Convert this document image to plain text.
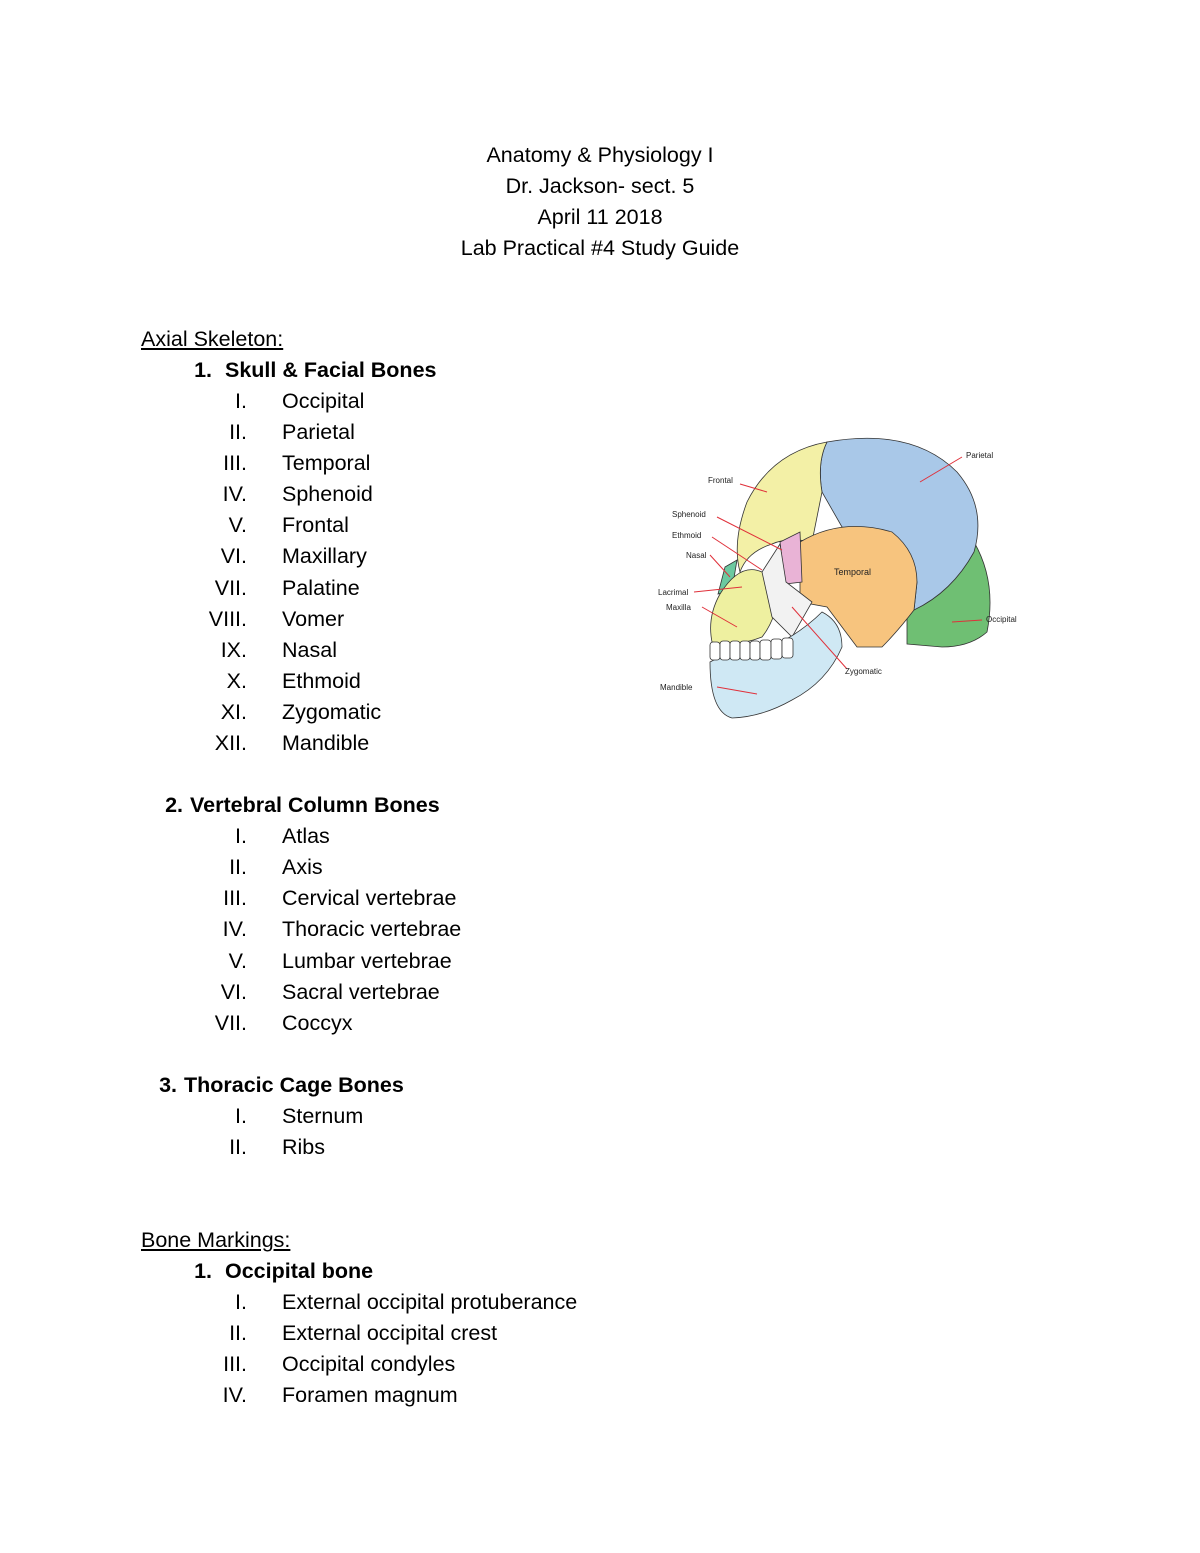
Anatomy & Physiology I
Dr. Jackson- sect. 5
April 11 2018
Lab Practical #4 Study Guide
Axial Skeleton:
1. Skull & Facial Bones
I.	Occipital
II.	Parietal
III.	Temporal
IV.	Sphenoid
V.	Frontal
VI.	Maxillary
VII.	Palatine
VIII.	Vomer
IX.	Nasal
X.	Ethmoid
XI.	Zygomatic
XII.	Mandible
2. Vertebral Column Bones
I.	Atlas
II.	Axis
III.	Cervical vertebrae
IV.	Thoracic vertebrae
V.	Lumbar vertebrae
VI.	Sacral vertebrae
VII.	Coccyx
3. Thoracic Cage Bones
I.	Sternum
II.	Ribs
Bone Markings:
1. Occipital bone
I.	External occipital protuberance
II.	External occipital crest
III.	Occipital condyles
IV.	Foramen magnum
Parietal
Frontal
Sphenoid
Ethmoid
Nasal
Lacrimal
Maxilla
Mandible
Temporal
Occipital
Zygomatic
